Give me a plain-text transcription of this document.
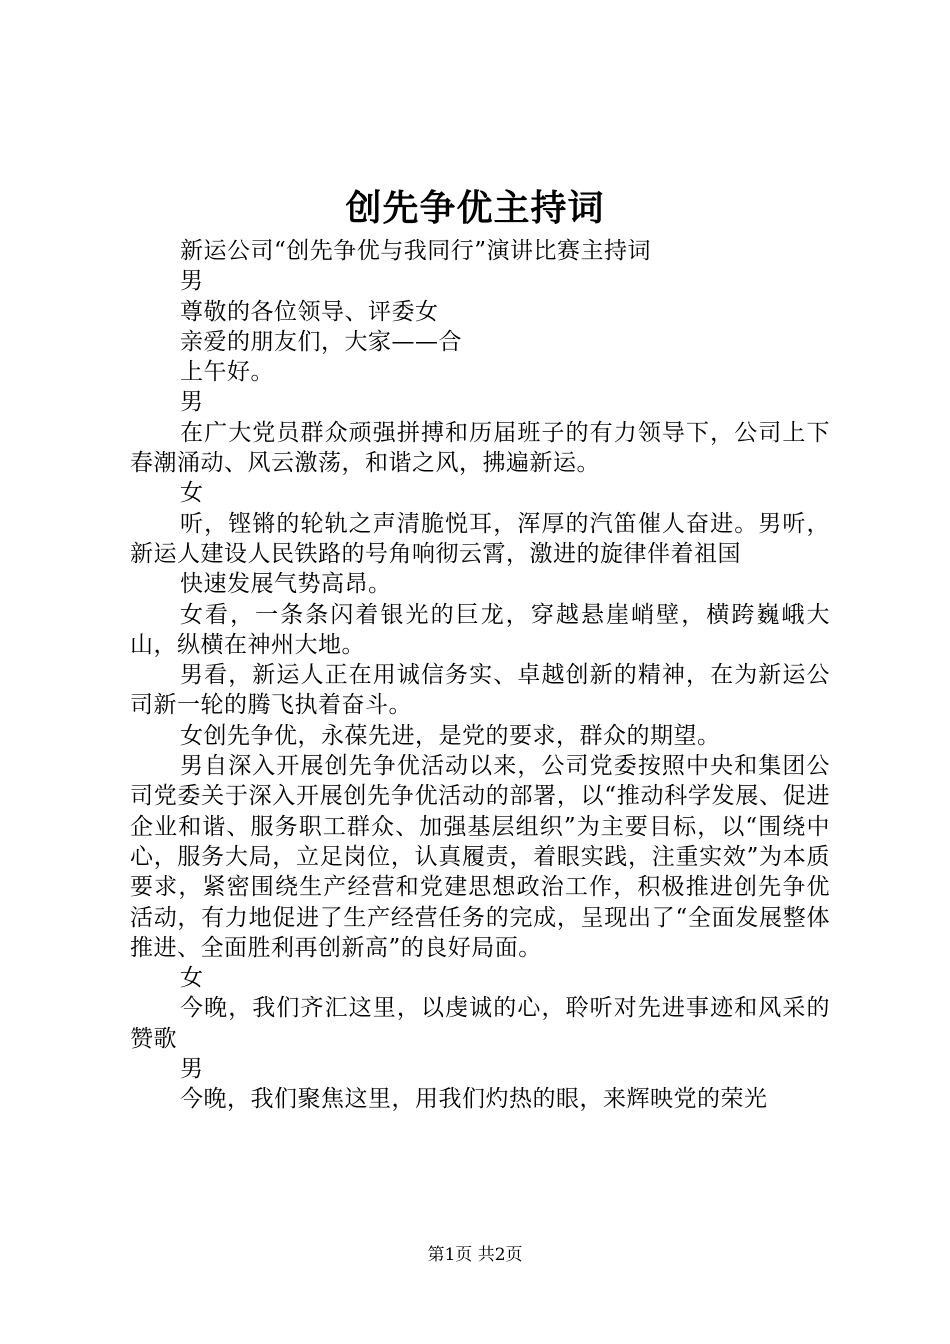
创先争优主持词

新运公司“创先争优与我同行”演讲比赛主持词

男

尊敬的各位领导、评委女

亲爱的朋友们，大家——合

上午好。

男

在广大党员群众顽强拼搏和历届班子的有力领导下，公司上下春潮涌动、风云激荡，和谐之风，拂遍新运。

女

听，铿锵的轮轨之声清脆悦耳，浑厚的汽笛催人奋进。男听，新运人建设人民铁路的号角响彻云霄，激进的旋律伴着祖国

快速发展气势高昂。

女看，一条条闪着银光的巨龙，穿越悬崖峭壁，横跨巍峨大山，纵横在神州大地。

男看，新运人正在用诚信务实、卓越创新的精神，在为新运公司新一轮的腾飞执着奋斗。

女创先争优，永葆先进，是党的要求，群众的期望。

男自深入开展创先争优活动以来，公司党委按照中央和集团公司党委关于深入开展创先争优活动的部署，以“推动科学发展、促进企业和谐、服务职工群众、加强基层组织”为主要目标，以“围绕中心，服务大局，立足岗位，认真履责，着眼实践，注重实效”为本质要求，紧密围绕生产经营和党建思想政治工作，积极推进创先争优活动，有力地促进了生产经营任务的完成，呈现出了“全面发展整体推进、全面胜利再创新高”的良好局面。

女

今晚，我们齐汇这里，以虔诚的心，聆听对先进事迹和风采的赞歌

男

今晚，我们聚焦这里，用我们灼热的眼，来辉映党的荣光

第1页 共2页
